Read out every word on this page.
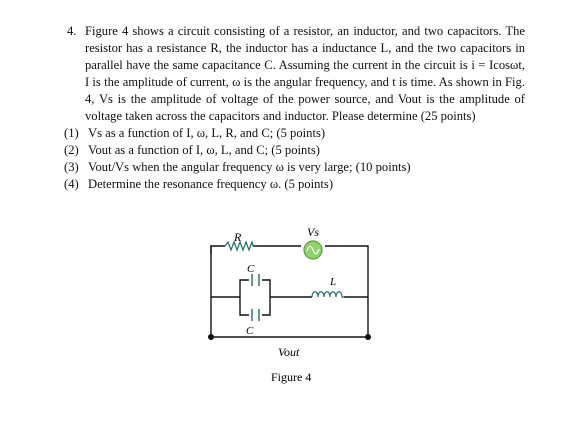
4. Figure 4 shows a circuit consisting of a resistor, an inductor, and two capacitors. The resistor has a resistance R, the inductor has a inductance L, and the two capacitors in parallel have the same capacitance C. Assuming the current in the circuit is i = Icosωt, I is the amplitude of current, ω is the angular frequency, and t is time. As shown in Fig. 4, Vs is the amplitude of voltage of the power source, and Vout is the amplitude of voltage taken across the capacitors and inductor. Please determine (25 points)
(1) Vs as a function of I, ω, L, R, and C; (5 points)
(2) Vout as a function of I, ω, L, and C; (5 points)
(3) Vout/Vs when the angular frequency ω is very large; (10 points)
(4) Determine the resonance frequency ω. (5 points)
R	Vs
C
C
L
Vout
Figure 4
